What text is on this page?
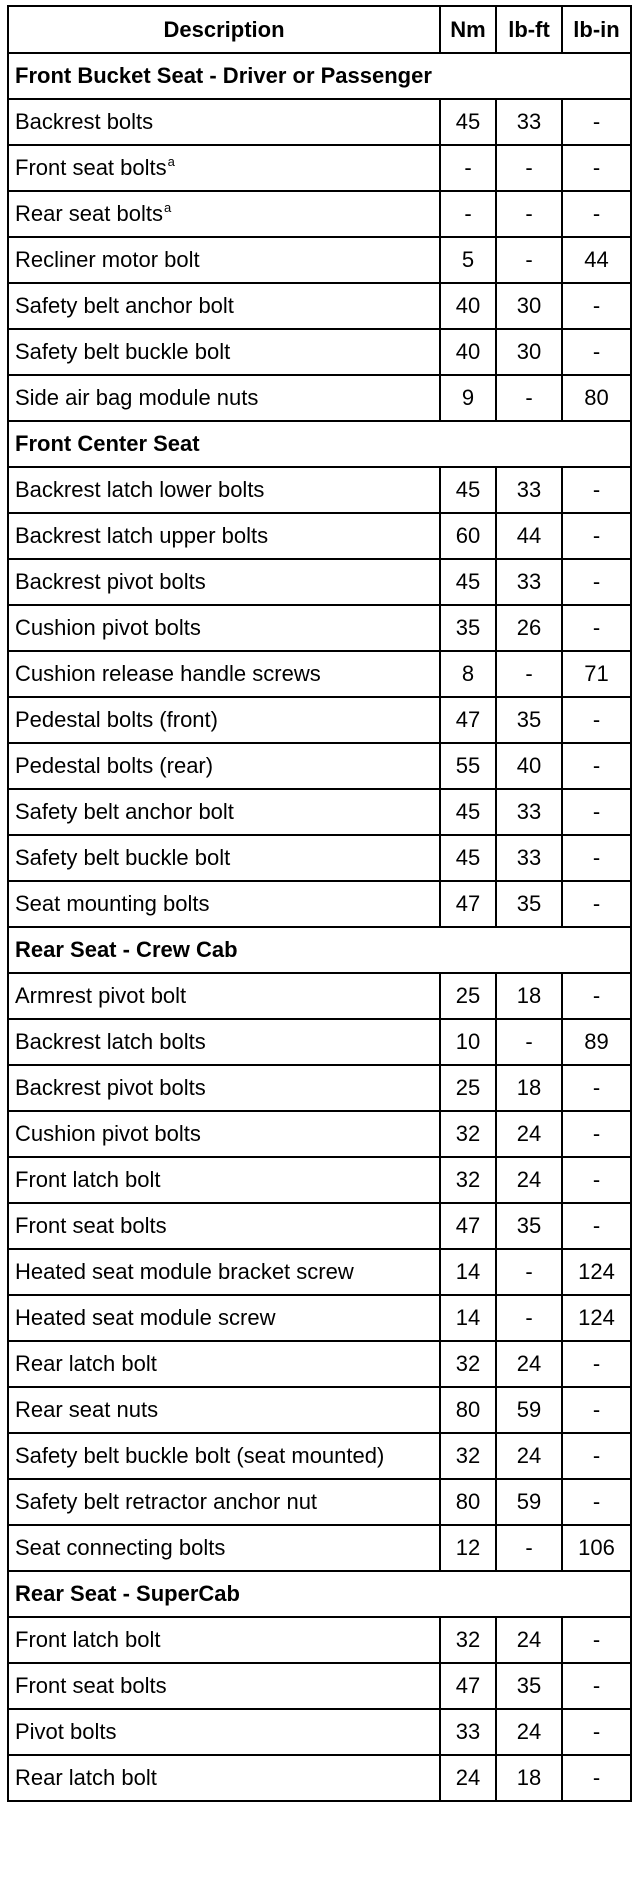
Description	Nm	lb-ft	lb-in
Front Bucket Seat - Driver or Passenger			
Backrest bolts	45	33	-
Front seat bolts$^a$	-	-	-
Rear seat bolts$^a$	-	-	-
Recliner motor bolt	5	-	44
Safety belt anchor bolt	40	30	-
Safety belt buckle bolt	40	30	-
Side air bag module nuts	9	-	80
Front Center Seat			
Backrest latch lower bolts	45	33	-
Backrest latch upper bolts	60	44	-
Backrest pivot bolts	45	33	-
Cushion pivot bolts	35	26	-
Cushion release handle screws	8	-	71
Pedestal bolts (front)	47	35	-
Pedestal bolts (rear)	55	40	-
Safety belt anchor bolt	45	33	-
Safety belt buckle bolt	45	33	-
Seat mounting bolts	47	35	-
Rear Seat - Crew Cab			
Armrest pivot bolt	25	18	-
Backrest latch bolts	10	-	89
Backrest pivot bolts	25	18	-
Cushion pivot bolts	32	24	-
Front latch bolt	32	24	-
Front seat bolts	47	35	-
Heated seat module bracket screw	14	-	124
Heated seat module screw	14	-	124
Rear latch bolt	32	24	-
Rear seat nuts	80	59	-
Safety belt buckle bolt (seat mounted)	32	24	-
Safety belt retractor anchor nut	80	59	-
Seat connecting bolts	12	-	106
Rear Seat - SuperCab			
Front latch bolt	32	24	-
Front seat bolts	47	35	-
Pivot bolts	33	24	-
Rear latch bolt	24	18	-
